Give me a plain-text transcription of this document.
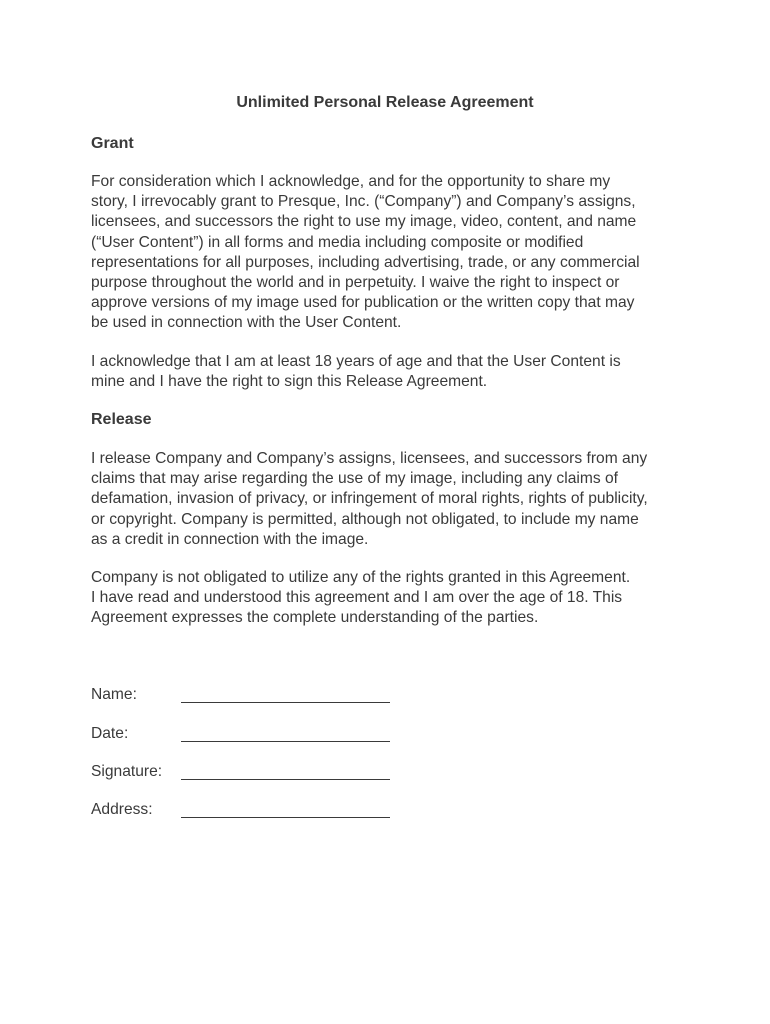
Unlimited Personal Release Agreement
Grant

For consideration which I acknowledge, and for the opportunity to share my
story, I irrevocably grant to Presque, Inc. (“Company”) and Company’s assigns,
licensees, and successors the right to use my image, video, content, and name
(“User Content”) in all forms and media including composite or modified
representations for all purposes, including advertising, trade, or any commercial
purpose throughout the world and in perpetuity. I waive the right to inspect or
approve versions of my image used for publication or the written copy that may
be used in connection with the User Content.

I acknowledge that I am at least 18 years of age and that the User Content is
mine and I have the right to sign this Release Agreement.

Release

I release Company and Company’s assigns, licensees, and successors from any
claims that may arise regarding the use of my image, including any claims of
defamation, invasion of privacy, or infringement of moral rights, rights of publicity,
or copyright. Company is permitted, although not obligated, to include my name
as a credit in connection with the image.

Company is not obligated to utilize any of the rights granted in this Agreement.
I have read and understood this agreement and I am over the age of 18. This
Agreement expresses the complete understanding of the parties.

Name:
Date:
Signature:
Address:
